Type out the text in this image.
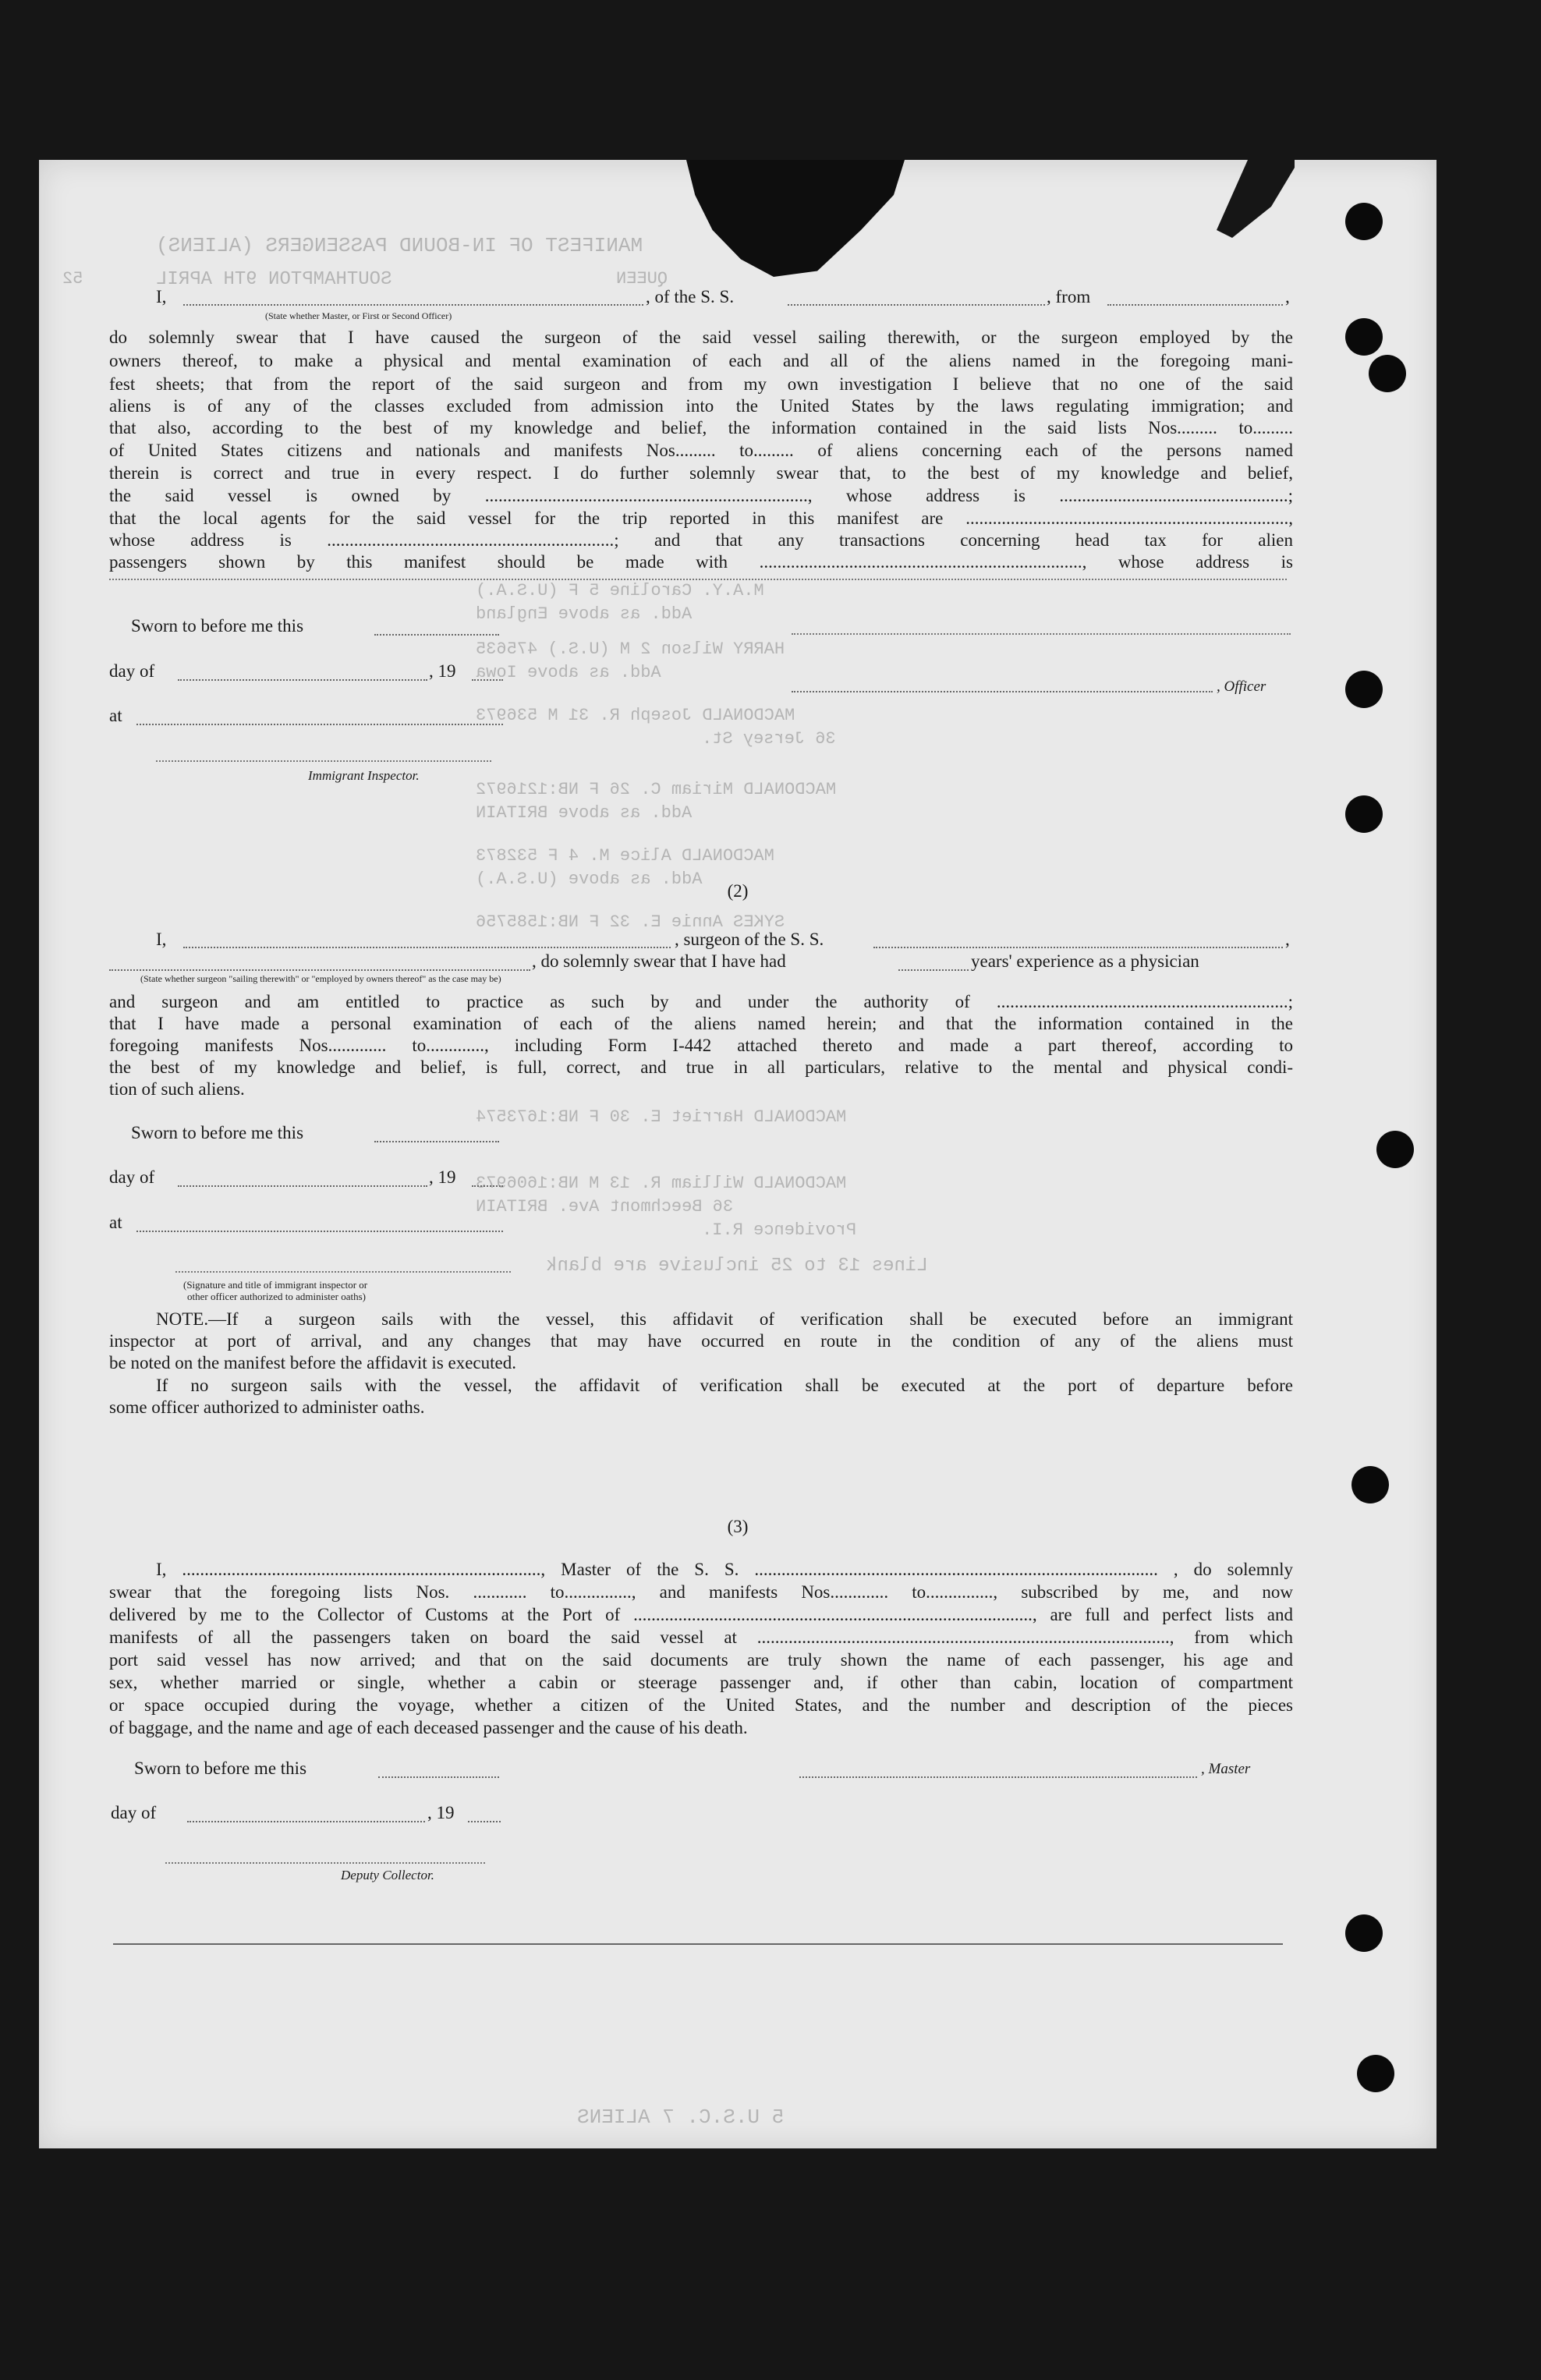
MANIFEST OF IN-BOUND PASSENGERS (ALIENS)
SOUTHAMPTON 9TH APRIL	QUEEN
52
M.A.Y. Caroline 5 F (U.S.A.)
Add. as above England
HARRY Wilson 2 M (U.S.) 475635
Add. as above Iowa
MACDONALD Joseph R. 31 M 536973
36 Jersey St.
MACDONALD Miriam C. 26 F NB:1216972
Add. as above BRITAIN
MACDONALD Alice M. 4 F 532873
Add. as above (U.S.A.)
SYKES Annie E. 32 F NB:1585756
MACDONALD Harriet E. 30 F NB:1673574
MACDONALD William R. 13 M NB:1606973
36 Beechmont Ave. BRITAIN
Providence R.I.
Lines 13 to 25 inclusive are blank
5 U.S.C. 7 ALIENS
I,	, of the S. S.	, from	,
(State whether Master, or First or Second Officer)
do solemnly swear that I have caused the surgeon of the said vessel sailing therewith, or the surgeon employed by the
owners thereof, to make a physical and mental examination of each and all of the aliens named in the foregoing mani-
fest sheets; that from the report of the said surgeon and from my own investigation I believe that no one of the said
aliens is of any of the classes excluded from admission into the United States by the laws regulating immigration; and
that also, according to the best of my knowledge and belief, the information contained in the said lists Nos......... to.........
of United States citizens and nationals and manifests Nos......... to......... of aliens concerning each of the persons named
therein is correct and true in every respect. I do further solemnly swear that, to the best of my knowledge and belief,
the said vessel is owned by ........................................................................, whose address is ...................................................;
that the local agents for the said vessel for the trip reported in this manifest are ........................................................................,
whose address is ................................................................; and that any transactions concerning head tax for alien
passengers shown by this manifest should be made with ........................................................................, whose address is
Sworn to before me this
day of	, 19
, Officer
at
Immigrant Inspector.
(2)
I,	, surgeon of the S. S.	,
, do solemnly swear that I have had	years' experience as a physician
(State whether surgeon "sailing therewith" or "employed by owners thereof" as the case may be)
and surgeon and am entitled to practice as such by and under the authority of .................................................................;
that I have made a personal examination of each of the aliens named herein; and that the information contained in the
foregoing manifests Nos............. to............., including Form I-442 attached thereto and made a part thereof, according to
the best of my knowledge and belief, is full, correct, and true in all particulars, relative to the mental and physical condi-
tion of such aliens.
Sworn to before me this
day of	, 19
at
(Signature and title of immigrant inspector or
other officer authorized to administer oaths)
NOTE.—If a surgeon sails with the vessel, this affidavit of verification shall be executed before an immigrant
inspector at port of arrival, and any changes that may have occurred en route in the condition of any of the aliens must
be noted on the manifest before the affidavit is executed.
If no surgeon sails with the vessel, the affidavit of verification shall be executed at the port of departure before
some officer authorized to administer oaths.
(3)
I, ................................................................................, Master of the S. S. .......................................................................................... , do solemnly
swear that the foregoing lists Nos. ............ to..............., and manifests Nos............. to..............., subscribed by me, and now
delivered by me to the Collector of Customs at the Port of ........................................................................................., are full and perfect lists and
manifests of all the passengers taken on board the said vessel at ............................................................................................, from which
port said vessel has now arrived; and that on the said documents are truly shown the name of each passenger, his age and
sex, whether married or single, whether a cabin or steerage passenger and, if other than cabin, location of compartment
or space occupied during the voyage, whether a citizen of the United States, and the number and description of the pieces
of baggage, and the name and age of each deceased passenger and the cause of his death.
Sworn to before me this	, Master
day of	, 19
Deputy Collector.
